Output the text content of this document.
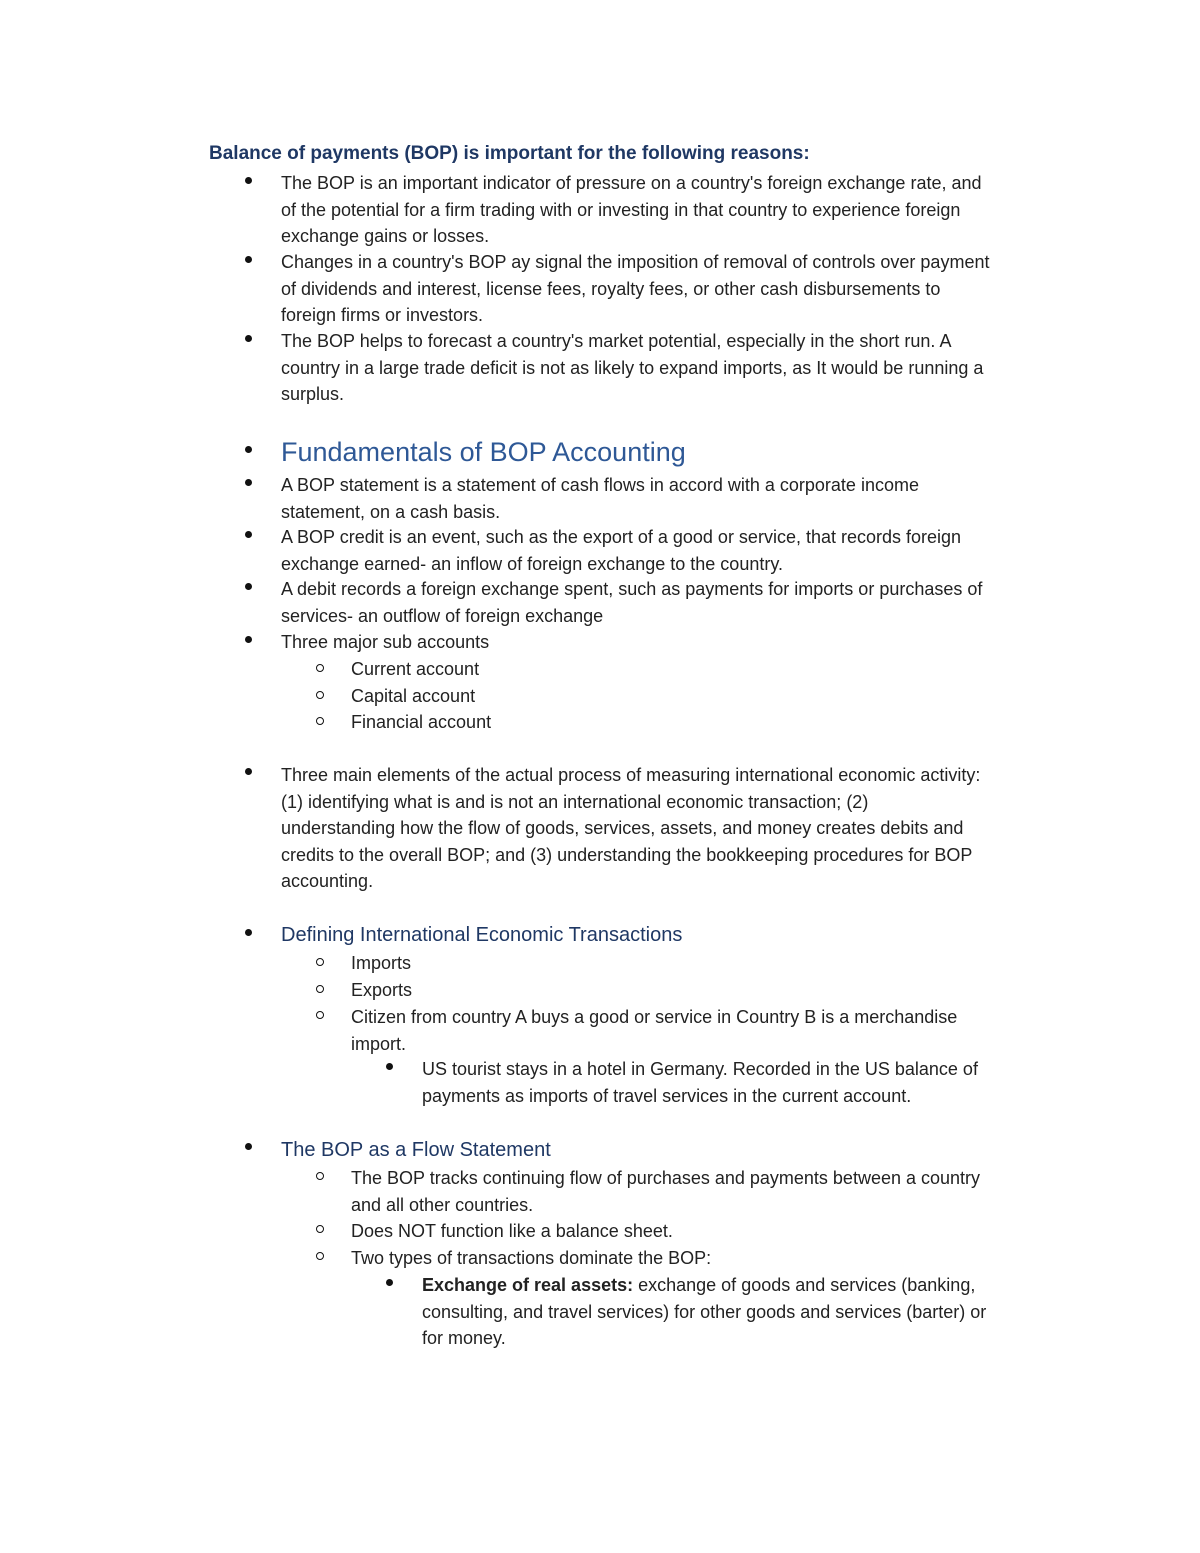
Balance of payments (BOP) is important for the following reasons:
The BOP is an important indicator of pressure on a country's foreign exchange rate, and
of the potential for a firm trading with or investing in that country to experience foreign
exchange gains or losses.
Changes in a country's BOP ay signal the imposition of removal of controls over payment
of dividends and interest, license fees, royalty fees, or other cash disbursements to
foreign firms or investors.
The BOP helps to forecast a country's market potential, especially in the short run. A
country in a large trade deficit is not as likely to expand imports, as It would be running a
surplus.
Fundamentals of BOP Accounting
A BOP statement is a statement of cash flows in accord with a corporate income
statement, on a cash basis.
A BOP credit is an event, such as the export of a good or service, that records foreign
exchange earned- an inflow of foreign exchange to the country.
A debit records a foreign exchange spent, such as payments for imports or purchases of
services- an outflow of foreign exchange
Three major sub accounts
Current account
Capital account
Financial account
Three main elements of the actual process of measuring international economic activity:
(1) identifying what is and is not an international economic transaction; (2)
understanding how the flow of goods, services, assets, and money creates debits and
credits to the overall BOP; and (3) understanding the bookkeeping procedures for BOP
accounting.
Defining International Economic Transactions
Imports
Exports
Citizen from country A buys a good or service in Country B is a merchandise
import.
US tourist stays in a hotel in Germany. Recorded in the US balance of
payments as imports of travel services in the current account.
The BOP as a Flow Statement
The BOP tracks continuing flow of purchases and payments between a country
and all other countries.
Does NOT function like a balance sheet.
Two types of transactions dominate the BOP:
Exchange of real assets: exchange of goods and services (banking,
consulting, and travel services) for other goods and services (barter) or
for money.
